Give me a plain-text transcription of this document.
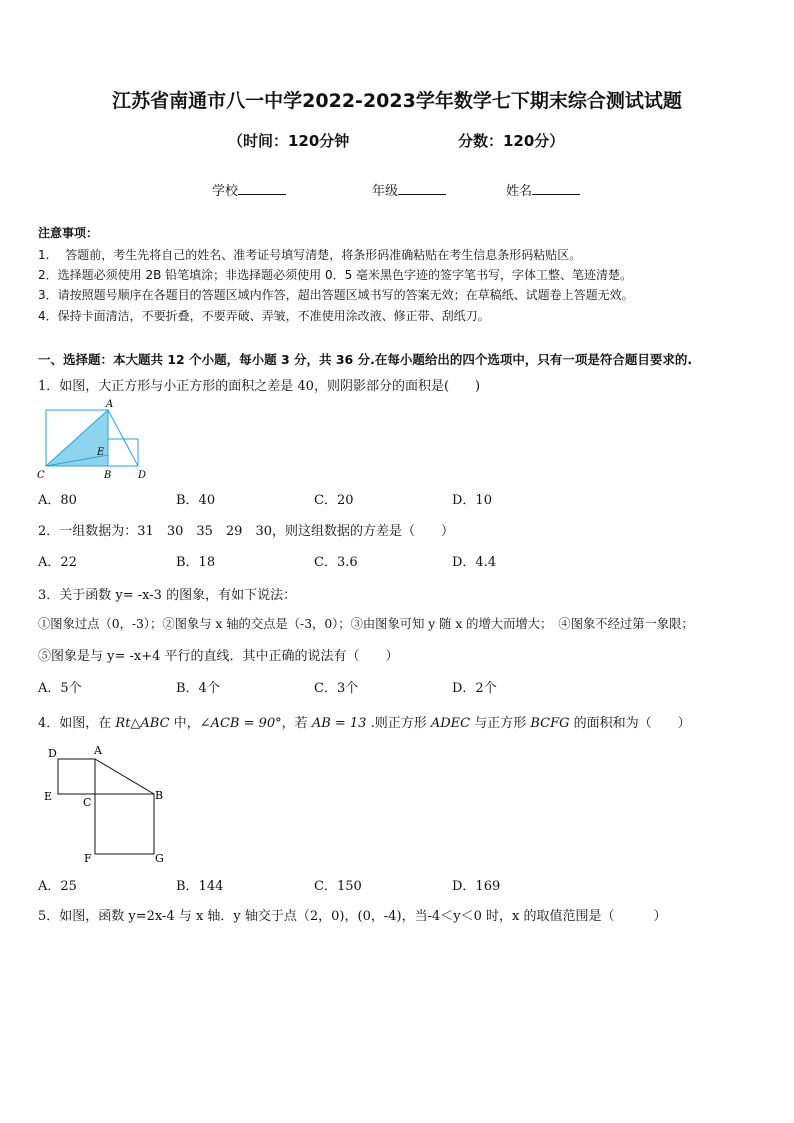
江苏省南通市八一中学2022-2023学年数学七下期末综合测试试题
（时间：120分钟	分数：120分）
学校	年级	姓名
注意事项：
1.　 答题前，考生先将自己的姓名、准考证号填写清楚，将条形码准确粘贴在考生信息条形码粘贴区。
2．选择题必须使用 2B 铅笔填涂；非选择题必须使用 0．5 毫米黑色字迹的签字笔书写，字体工整、笔迹清楚。
3．请按照题号顺序在各题目的答题区域内作答，超出答题区域书写的答案无效；在草稿纸、试题卷上答题无效。
4．保持卡面清洁，不要折叠，不要弄破、弄皱，不准使用涂改液、修正带、刮纸刀。
一、选择题：本大题共 12 个小题，每小题 3 分，共 36 分.在每小题给出的四个选项中，只有一项是符合题目要求的.
1．如图，大正方形与小正方形的面积之差是 40，则阴影部分的面积是(　　)
A
C
E
B	D
A．80	B．40	C．20	D．10
2．一组数据为：31　30　35　29　30，则这组数据的方差是（　　）
A．22	B．18	C．3.6	D．4.4
3．关于函数 y= -x-3 的图象，有如下说法：
①图象过点（0，-3）；②图象与 x 轴的交点是（-3，0）；③由图象可知 y 随 x 的增大而增大；　④图象不经过第一象限；
⑤图象是与 y= -x+4 平行的直线．其中正确的说法有（　　）
A．5个	B．4个	C．3个	D．2个
4．如图，在 Rt△ABC 中，∠ACB = 90°，若 AB = 13 .则正方形 ADEC 与正方形 BCFG 的面积和为（　　）
D	A
E	C
B
F	G
A．25	B．144	C．150	D．169
5．如图，函数 y=2x-4 与 x 轴．y 轴交于点（2，0)，(0，-4)，当-4＜y＜0 时，x 的取值范围是（　　　）
